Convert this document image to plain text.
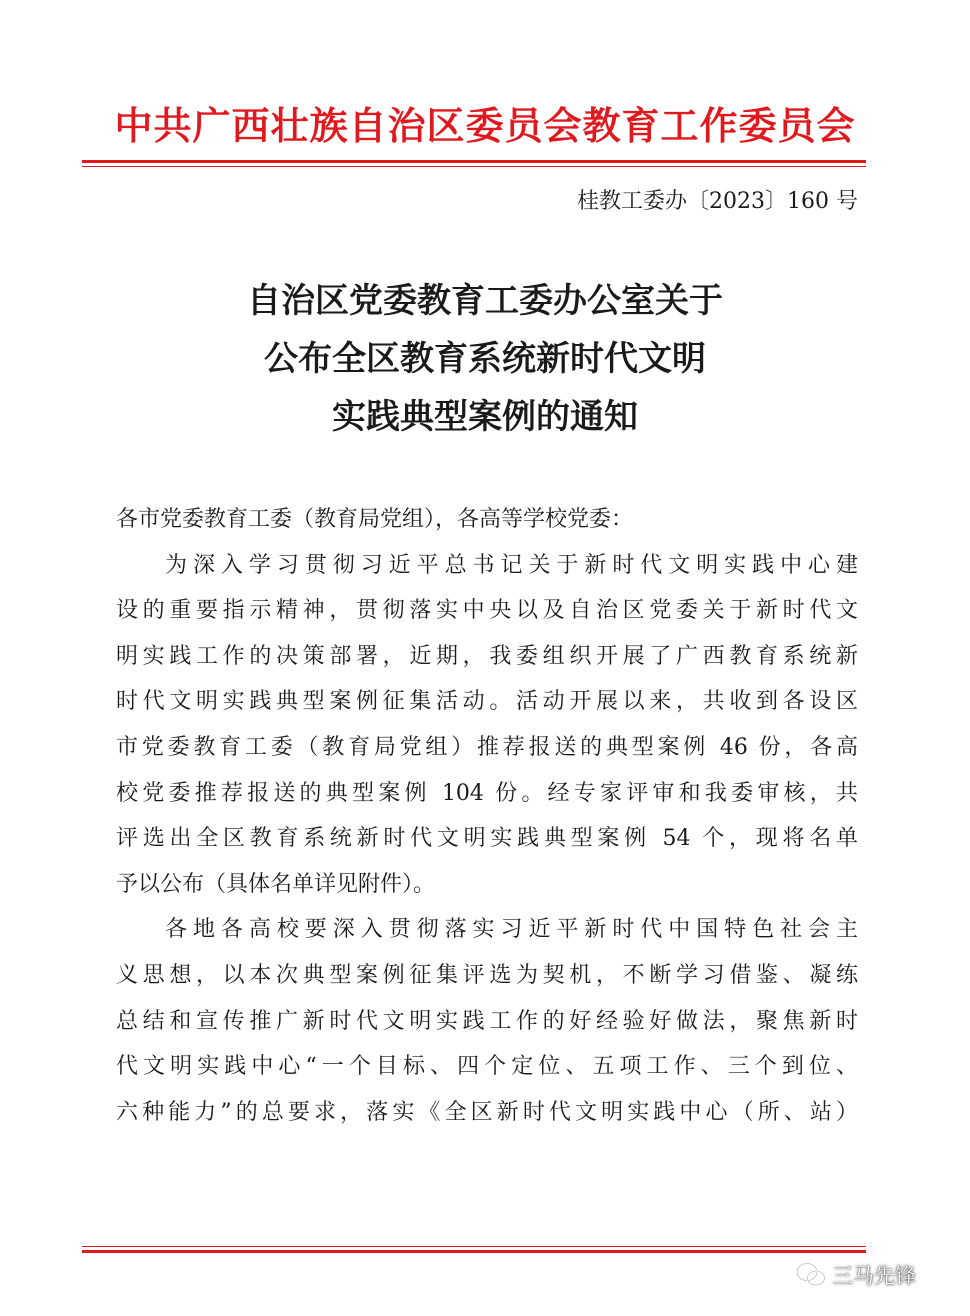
中共广西壮族自治区委员会教育工作委员会
桂教工委办〔2023〕160 号
自治区党委教育工委办公室关于
公布全区教育系统新时代文明
实践典型案例的通知
各市党委教育工委（教育局党组），各高等学校党委：
为深入学习贯彻习近平总书记关于新时代文明实践中心建
设的重要指示精神，贯彻落实中央以及自治区党委关于新时代文
明实践工作的决策部署，近期，我委组织开展了广西教育系统新
时代文明实践典型案例征集活动。活动开展以来，共收到各设区
市党委教育工委（教育局党组）推荐报送的典型案例 46 份，各高
校党委推荐报送的典型案例 104 份。经专家评审和我委审核，共
评选出全区教育系统新时代文明实践典型案例 54 个，现将名单
予以公布（具体名单详见附件）。
各地各高校要深入贯彻落实习近平新时代中国特色社会主
义思想，以本次典型案例征集评选为契机，不断学习借鉴、凝练
总结和宣传推广新时代文明实践工作的好经验好做法，聚焦新时
代文明实践中心“一个目标、四个定位、五项工作、三个到位、
六种能力”的总要求，落实《全区新时代文明实践中心（所、站）
三马先锋
